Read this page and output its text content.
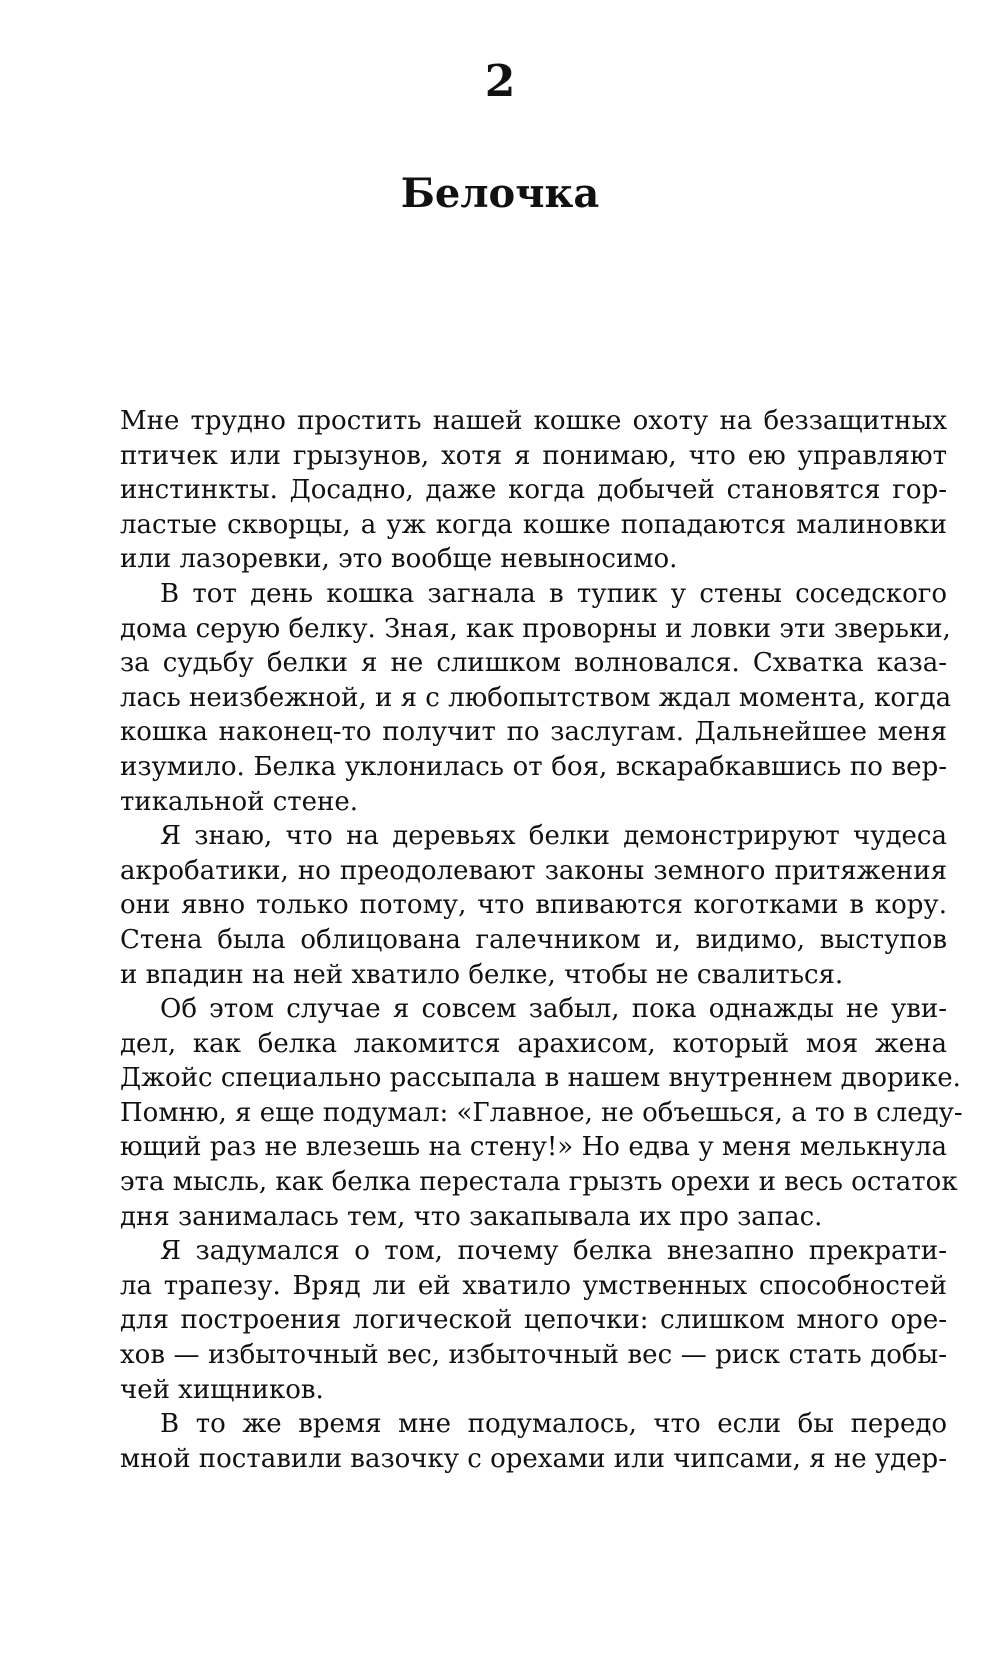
2
Белочка
Мне трудно простить нашей кошке охоту на беззащитных
птичек или грызунов, хотя я понимаю, что ею управляют
инстинкты. Досадно, даже когда добычей становятся гор-
ластые скворцы, а уж когда кошке попадаются малиновки
или лазоревки, это вообще невыносимо.
В тот день кошка загнала в тупик у стены соседского
дома серую белку. Зная, как проворны и ловки эти зверьки,
за судьбу белки я не слишком волновался. Схватка каза-
лась неизбежной, и я с любопытством ждал момента, когда
кошка наконец-то получит по заслугам. Дальнейшее меня
изумило. Белка уклонилась от боя, вскарабкавшись по вер-
тикальной стене.
Я знаю, что на деревьях белки демонстрируют чудеса
акробатики, но преодолевают законы земного притяжения
они явно только потому, что впиваются коготками в кору.
Стена была облицована галечником и, видимо, выступов
и впадин на ней хватило белке, чтобы не свалиться.
Об этом случае я совсем забыл, пока однажды не уви-
дел, как белка лакомится арахисом, который моя жена
Джойс специально рассыпала в нашем внутреннем дворике.
Помню, я еще подумал: «Главное, не объешься, а то в следу-
ющий раз не влезешь на стену!» Но едва у меня мелькнула
эта мысль, как белка перестала грызть орехи и весь остаток
дня занималась тем, что закапывала их про запас.
Я задумался о том, почему белка внезапно прекрати-
ла трапезу. Вряд ли ей хватило умственных способностей
для построения логической цепочки: слишком много оре-
хов — избыточный вес, избыточный вес — риск стать добы-
чей хищников.
В то же время мне подумалось, что если бы передо
мной поставили вазочку с орехами или чипсами, я не удер-
